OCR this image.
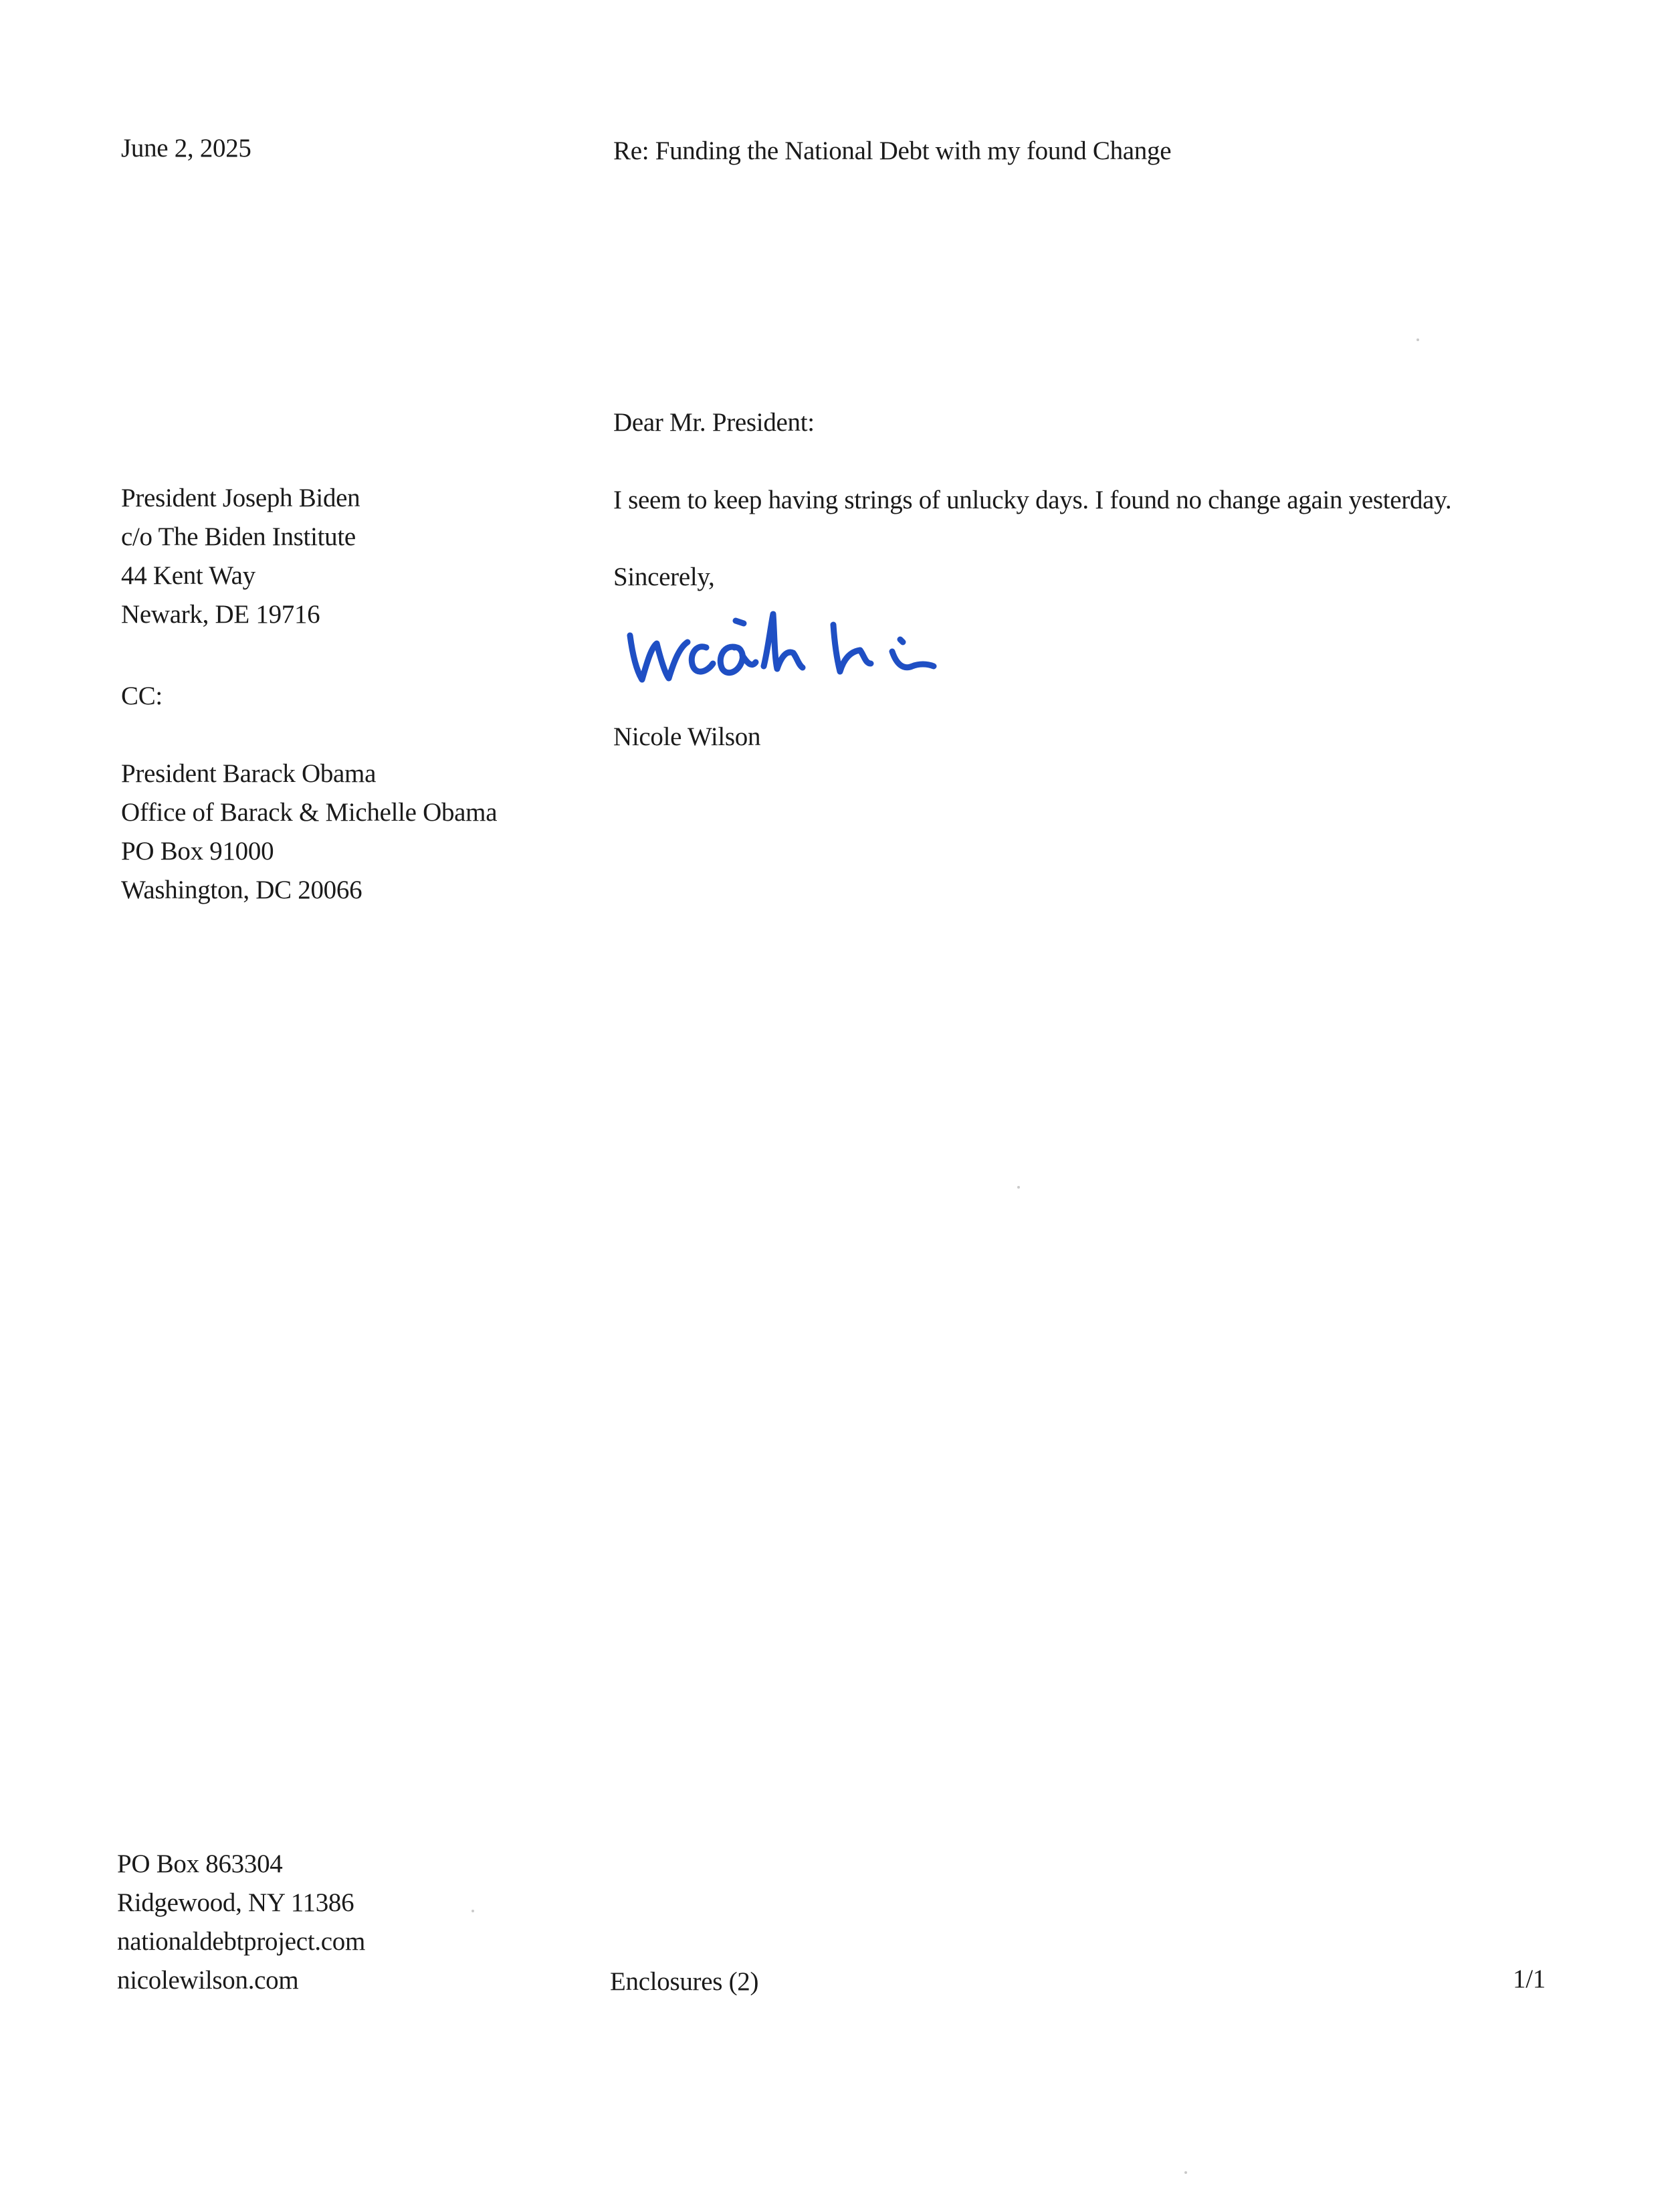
June 2, 2025	Re: Funding the National Debt with my found Change
Dear Mr. President:
President Joseph Biden
c/o The Biden Institute
44 Kent Way
Newark, DE 19716
I seem to keep having strings of unlucky days. I found no change again yesterday.
Sincerely,
Nicole Wilson
CC:
President Barack Obama
Office of Barack & Michelle Obama
PO Box 91000
Washington, DC 20066
PO Box 863304
Ridgewood, NY 11386
nationaldebtproject.com
nicolewilson.com	Enclosures (2)	1/1
